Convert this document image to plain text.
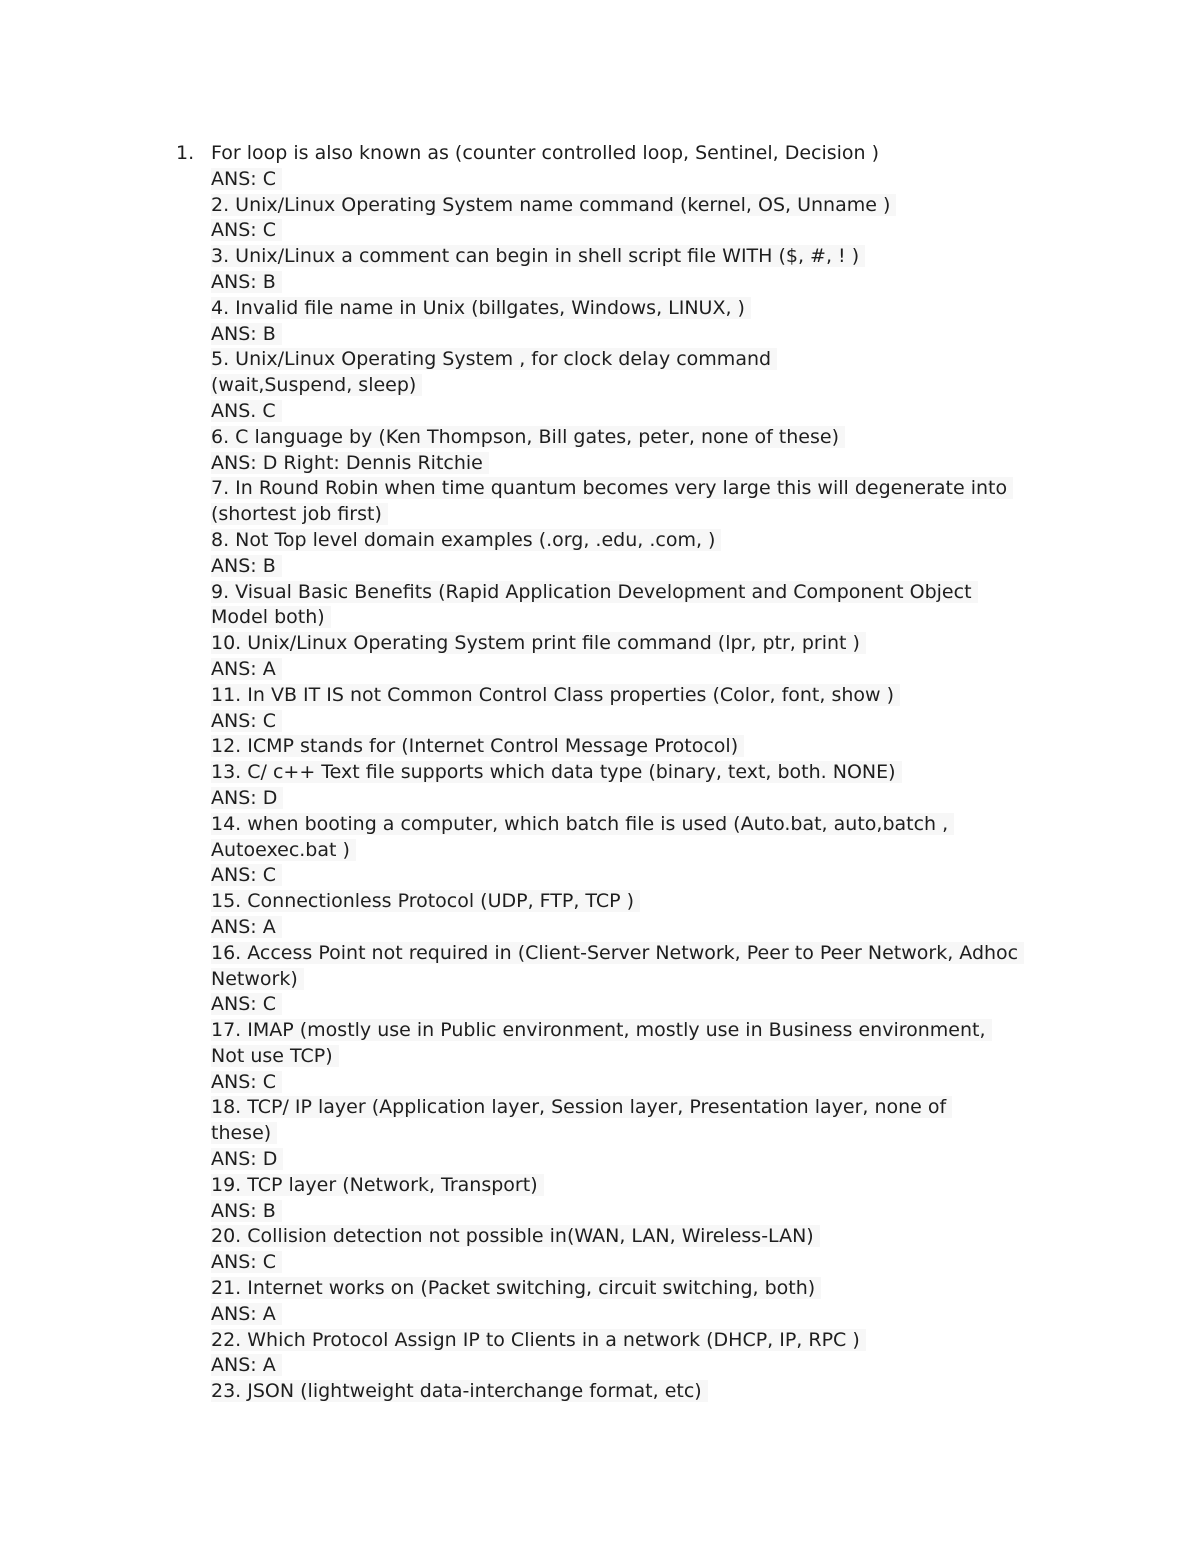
1. For loop is also known as (counter controlled loop, Sentinel, Decision )
ANS: C
2. Unix/Linux Operating System name command (kernel, OS, Unname )
ANS: C
3. Unix/Linux a comment can begin in shell script file WITH ($, #, ! )
ANS: B
4. Invalid file name in Unix (billgates, Windows, LINUX, )
ANS: B
5. Unix/Linux Operating System , for clock delay command
(wait,Suspend, sleep)
ANS. C
6. C language by (Ken Thompson, Bill gates, peter, none of these)
ANS: D Right: Dennis Ritchie
7. In Round Robin when time quantum becomes very large this will degenerate into
(shortest job first)
8. Not Top level domain examples (.org, .edu, .com, )
ANS: B
9. Visual Basic Benefits (Rapid Application Development and Component Object
Model both)
10. Unix/Linux Operating System print file command (lpr, ptr, print )
ANS: A
11. In VB IT IS not Common Control Class properties (Color, font, show )
ANS: C
12. ICMP stands for (Internet Control Message Protocol)
13. C/ c++ Text file supports which data type (binary, text, both. NONE)
ANS: D
14. when booting a computer, which batch file is used (Auto.bat, auto,batch ,
Autoexec.bat )
ANS: C
15. Connectionless Protocol (UDP, FTP, TCP )
ANS: A
16. Access Point not required in (Client-Server Network, Peer to Peer Network, Adhoc
Network)
ANS: C
17. IMAP (mostly use in Public environment, mostly use in Business environment,
Not use TCP)
ANS: C
18. TCP/ IP layer (Application layer, Session layer, Presentation layer, none of
these)
ANS: D
19. TCP layer (Network, Transport)
ANS: B
20. Collision detection not possible in(WAN, LAN, Wireless-LAN)
ANS: C
21. Internet works on (Packet switching, circuit switching, both)
ANS: A
22. Which Protocol Assign IP to Clients in a network (DHCP, IP, RPC )
ANS: A
23. JSON (lightweight data-interchange format, etc)
